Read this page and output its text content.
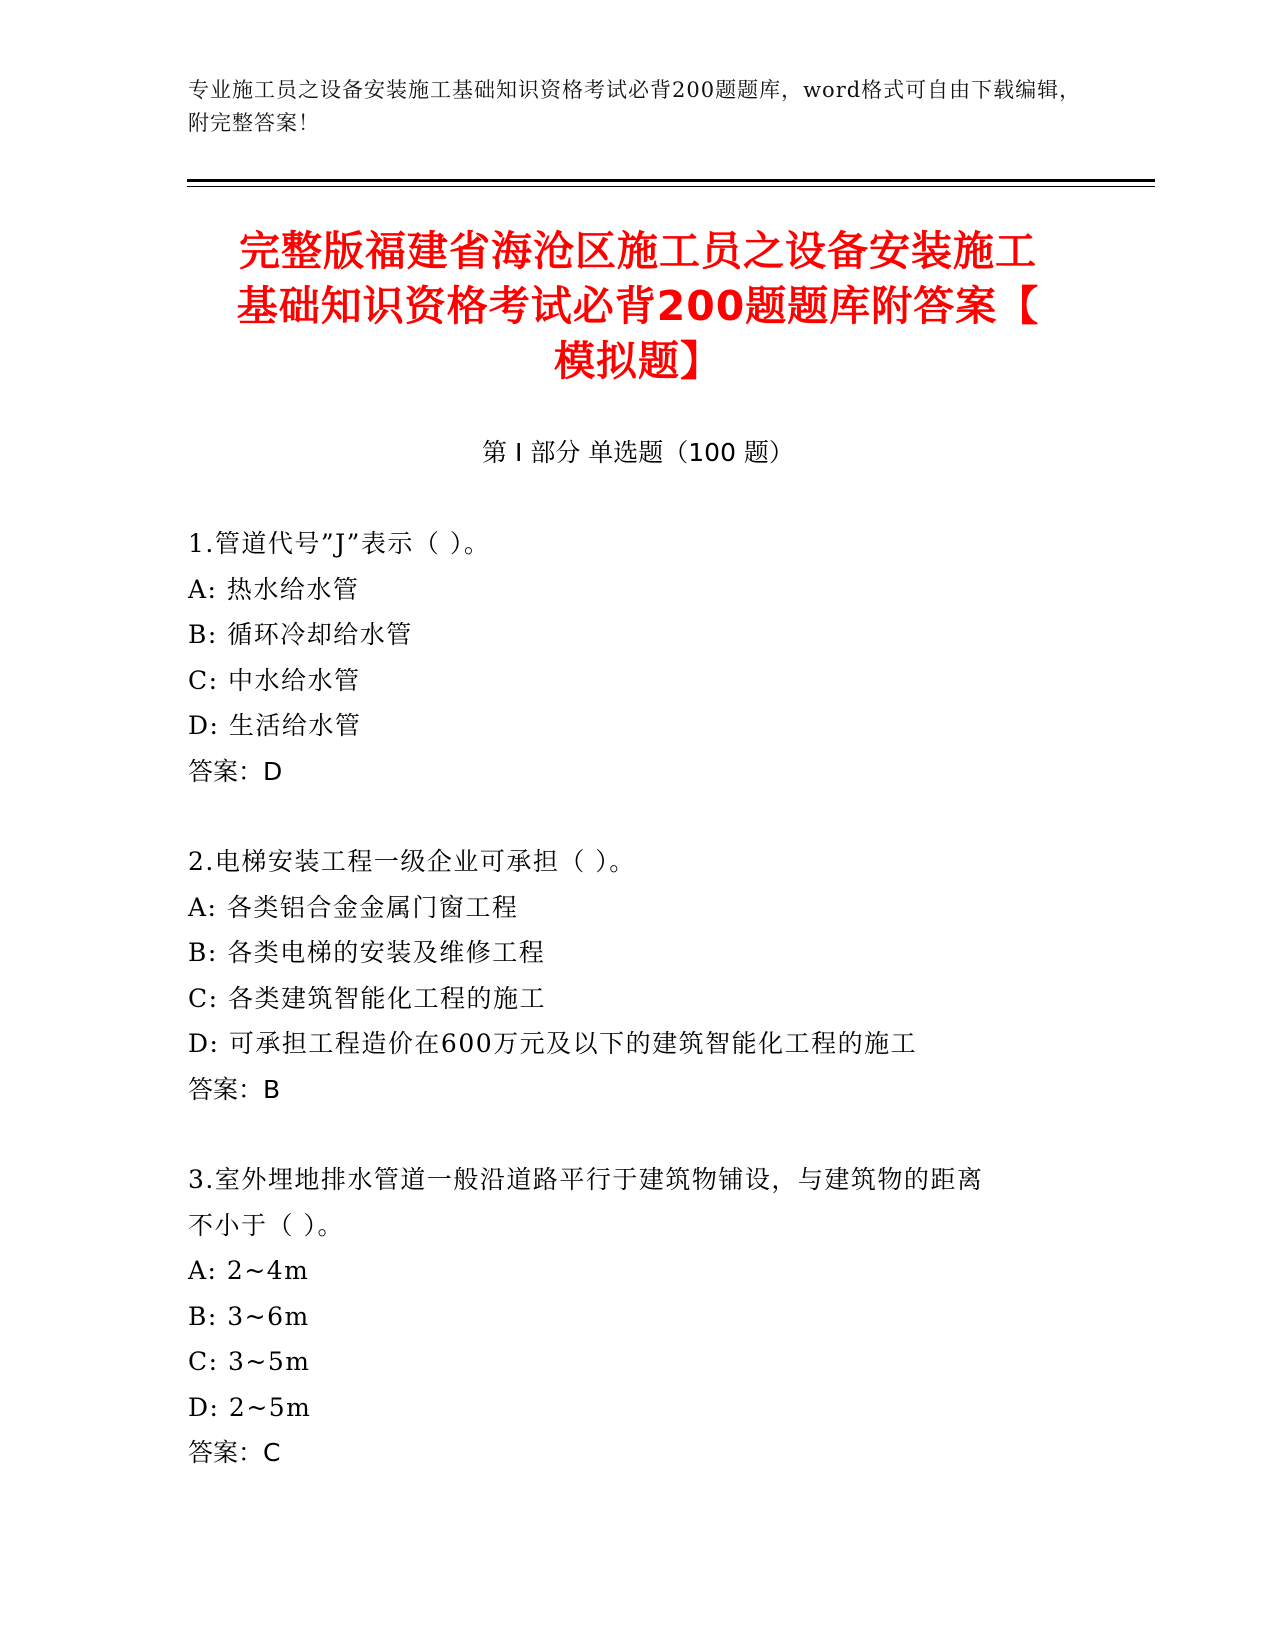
专业施工员之设备安装施工基础知识资格考试必背200题题库，word格式可自由下载编辑，附完整答案！
完整版福建省海沧区施工员之设备安装施工
基础知识资格考试必背200题题库附答案【
模拟题】
第 I 部分 单选题（100 题）

1.管道代号”J”表示（ ）。

A: 热水给水管
B: 循环冷却给水管
C: 中水给水管
D: 生活给水管

答案：D

2.电梯安装工程一级企业可承担（ ）。

A: 各类铝合金金属门窗工程
B: 各类电梯的安装及维修工程
C: 各类建筑智能化工程的施工
D: 可承担工程造价在600万元及以下的建筑智能化工程的施工

答案：B

3.室外埋地排水管道一般沿道路平行于建筑物铺设，与建筑物的距离

不小于（ ）。

A: 2~4m
B: 3~6m
C: 3~5m
D: 2~5m

答案：C
